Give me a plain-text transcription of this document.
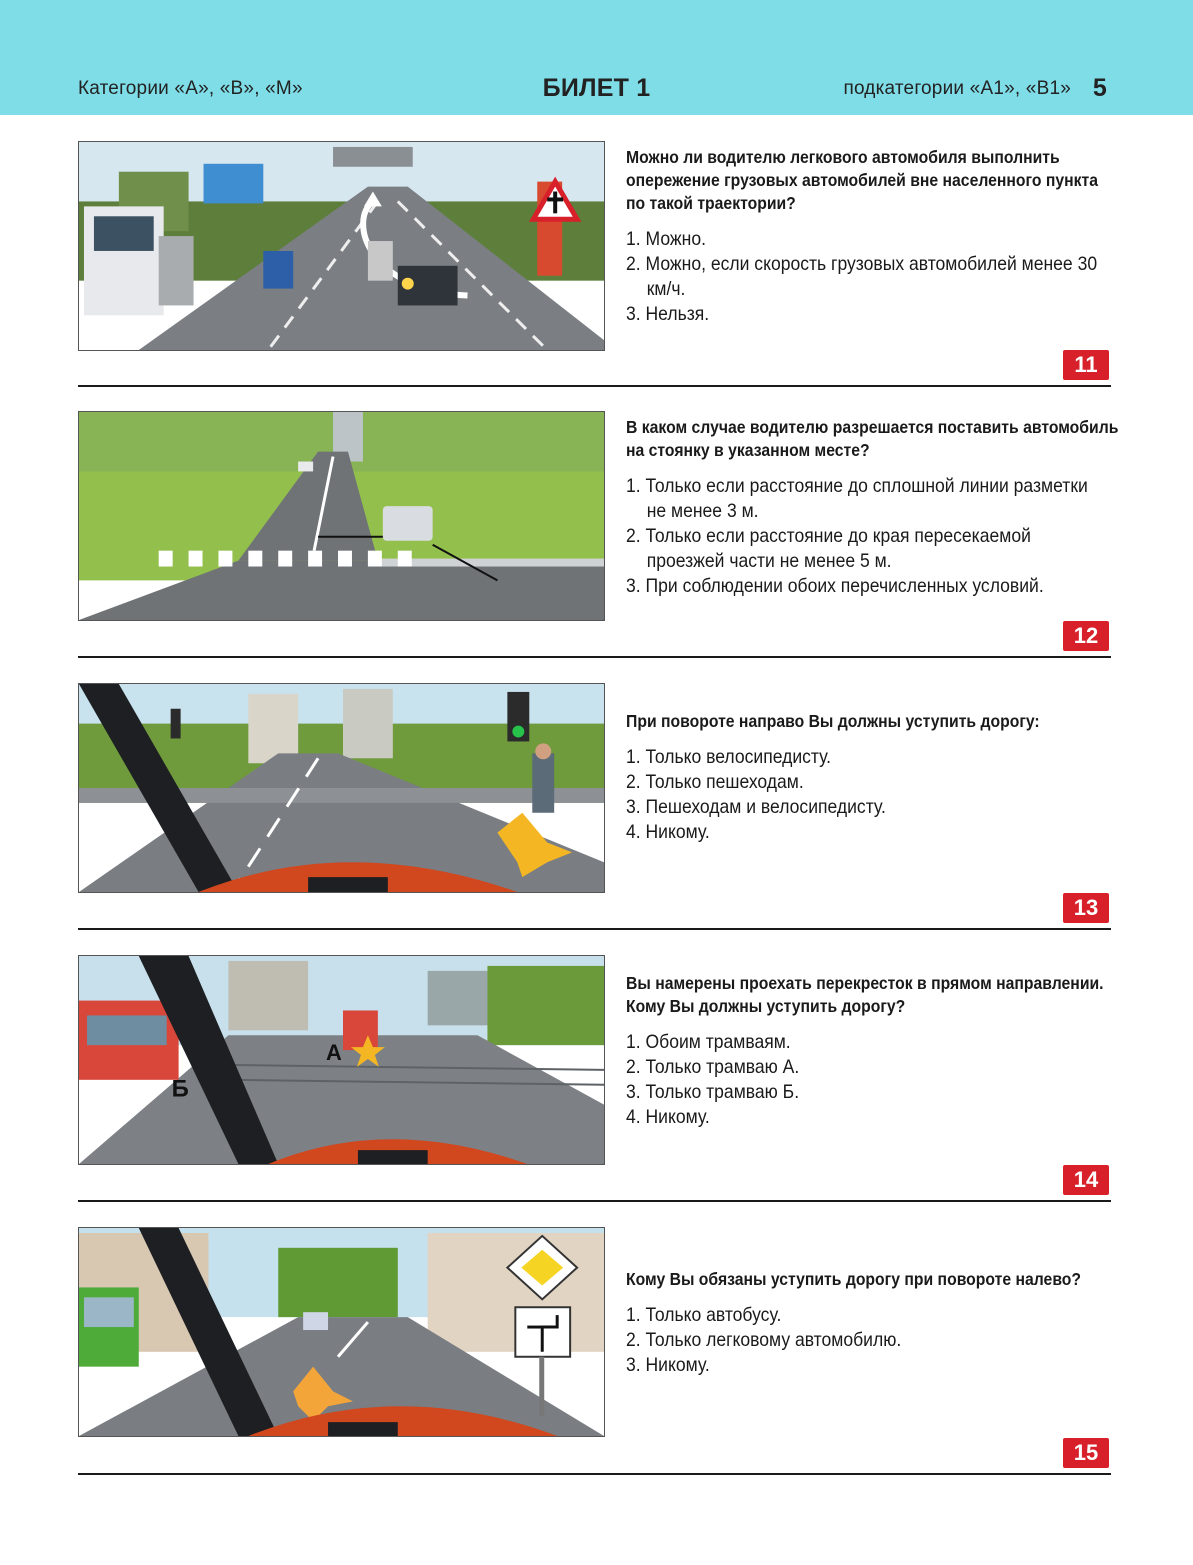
Категории «A», «B», «M»	БИЛЕТ 1	подкатегории «A1», «B1» 5

Можно ли водителю легкового автомобиля выполнить опережение грузовых автомобилей вне населенного пункта по такой траектории?

1. Можно.
2. Можно, если скорость грузовых автомобилей менее 30 км/ч.
3. Нельзя.
11

В каком случае водителю разрешается поставить автомобиль на стоянку в указанном месте?

1. Только если расстояние до сплошной линии разметки не менее 3 м.
2. Только если расстояние до края пересекаемой проезжей части не менее 5 м.
3. При соблюдении обоих перечисленных условий.
12

При повороте направо Вы должны уступить дорогу:

1. Только велосипедисту.
2. Только пешеходам.
3. Пешеходам и велосипедисту.
4. Никому.
13
А
Б

Вы намерены проехать перекресток в прямом направлении. Кому Вы должны уступить дорогу?

1. Обоим трамваям.
2. Только трамваю А.
3. Только трамваю Б.
4. Никому.
14

Кому Вы обязаны уступить дорогу при повороте налево?

1. Только автобусу.
2. Только легковому автомобилю.
3. Никому.
15
